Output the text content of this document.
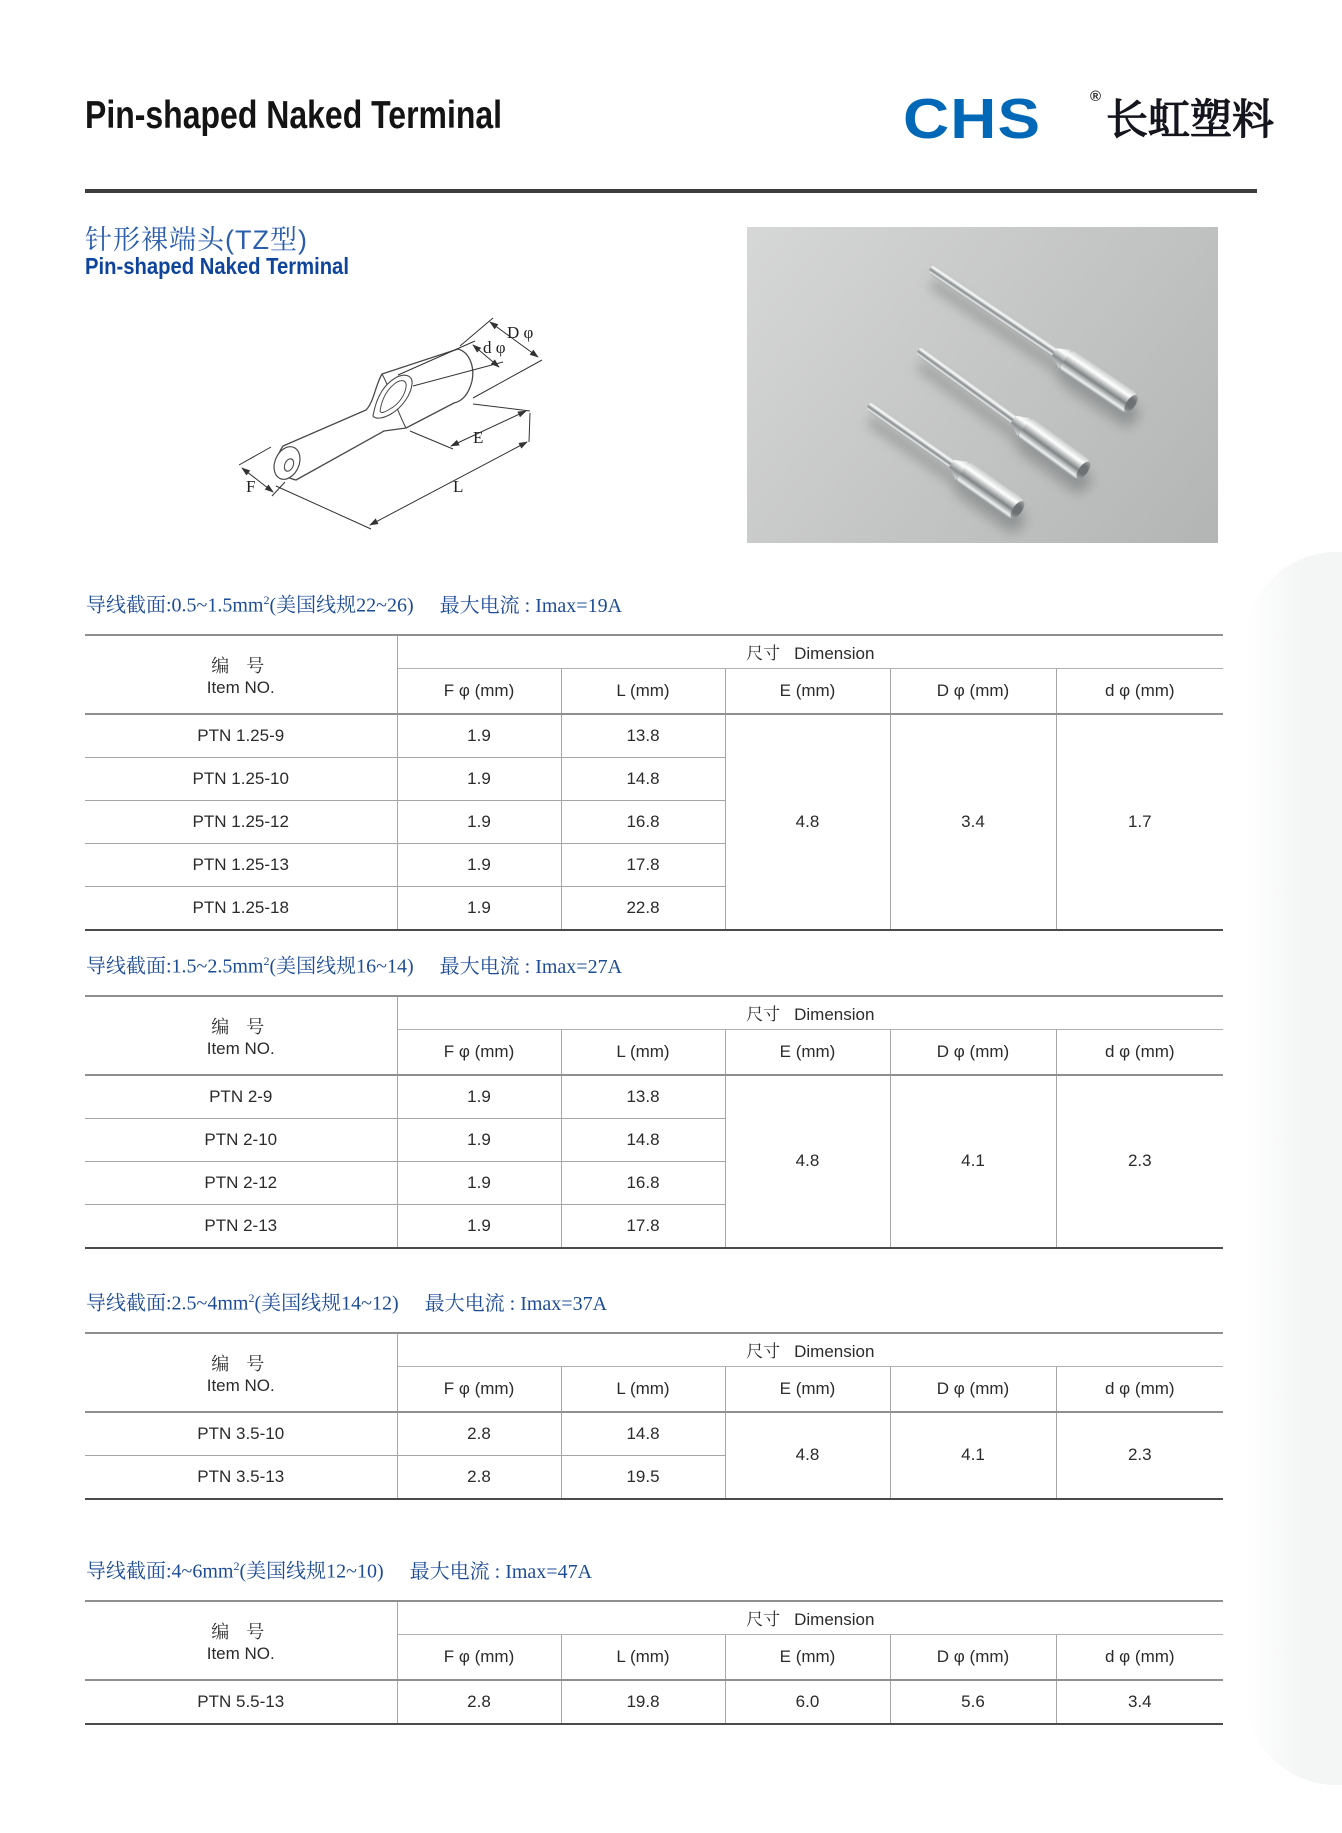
Pin-shaped Naked Terminal	CHS	® 长虹塑料
针形裸端头(TZ型)
Pin-shaped Naked Terminal
D φ
d φ
E
L
F

导线截面$:0.5\sim 1.5mm^2$(美国线规22~26) 最大电流 : Imax=19A

编 号
Item NO.	尺寸 Dimension				
	F φ (mm)	L (mm)	E (mm)	D φ (mm)	d φ (mm)
PTN 1.25-9	1.9	13.8	4.8	3.4	1.7
PTN 1.25-10	1.9	14.8			
PTN 1.25-12	1.9	16.8			
PTN 1.25-13	1.9	17.8			
PTN 1.25-18	1.9	22.8			

导线截面$:1.5\sim 2.5mm^2$(美国线规16~14) 最大电流 : Imax=27A

编 号
Item NO.	尺寸 Dimension				
	F φ (mm)	L (mm)	E (mm)	D φ (mm)	d φ (mm)
PTN 2-9	1.9	13.8	4.8	4.1	2.3
PTN 2-10	1.9	14.8			
PTN 2-12	1.9	16.8			
PTN 2-13	1.9	17.8			

导线截面$:2.5\sim 4mm^2$(美国线规14~12) 最大电流 : Imax=37A

编 号
Item NO.	尺寸 Dimension				
	F φ (mm)	L (mm)	E (mm)	D φ (mm)	d φ (mm)
PTN 3.5-10	2.8	14.8	4.8	4.1	2.3
PTN 3.5-13	2.8	19.5			

导线截面$:4\sim 6mm^2$(美国线规12~10) 最大电流 : Imax=47A

编 号
Item NO.	尺寸 Dimension				
	F φ (mm)	L (mm)	E (mm)	D φ (mm)	d φ (mm)
PTN 5.5-13	2.8	19.8	6.0	5.6	3.4
